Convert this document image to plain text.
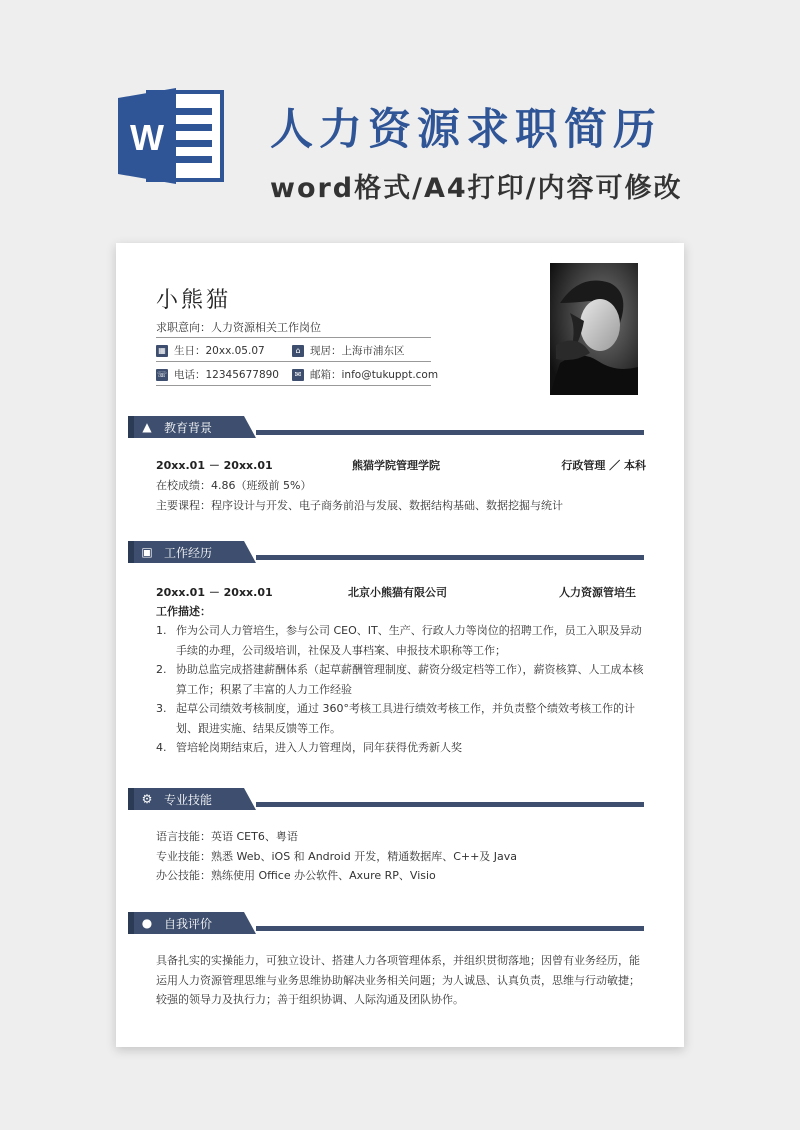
W 人力资源求职简历
word格式/A4打印/内容可修改
小熊猫
求职意向：人力资源相关工作岗位
▦ 生日：20xx.05.07	⌂ 现居：上海市浦东区
☏ 电话：12345677890	✉ 邮箱：info@tukuppt.com
▲ 教育背景
20xx.01 － 20xx.01	熊猫学院管理学院	行政管理 ／ 本科
在校成绩：4.86（班级前 5%）
主要课程：程序设计与开发、电子商务前沿与发展、数据结构基础、数据挖掘与统计
▣ 工作经历
20xx.01 － 20xx.01	北京小熊猫有限公司	人力资源管培生
工作描述：
1. 作为公司人力管培生，参与公司 CEO、IT、生产、行政人力等岗位的招聘工作，员工入职及异动手续的办理，公司级培训，社保及人事档案、申报技术职称等工作；
2. 协助总监完成搭建薪酬体系（起草薪酬管理制度、薪资分级定档等工作），薪资核算、人工成本核算工作；积累了丰富的人力工作经验
3. 起草公司绩效考核制度，通过 360°考核工具进行绩效考核工作，并负责整个绩效考核工作的计划、跟进实施、结果反馈等工作。
4. 管培轮岗期结束后，进入人力管理岗，同年获得优秀新人奖
⚙ 专业技能
语言技能：英语 CET6、粤语
专业技能：熟悉 Web、iOS 和 Android 开发，精通数据库、C++及 Java
办公技能：熟练使用 Office 办公软件、Axure RP、Visio
● 自我评价
具备扎实的实操能力，可独立设计、搭建人力各项管理体系，并组织贯彻落地；因曾有业务经历，能运用人力资源管理思维与业务思维协助解决业务相关问题；为人诚恳、认真负责，思维与行动敏捷；较强的领导力及执行力；善于组织协调、人际沟通及团队协作。
